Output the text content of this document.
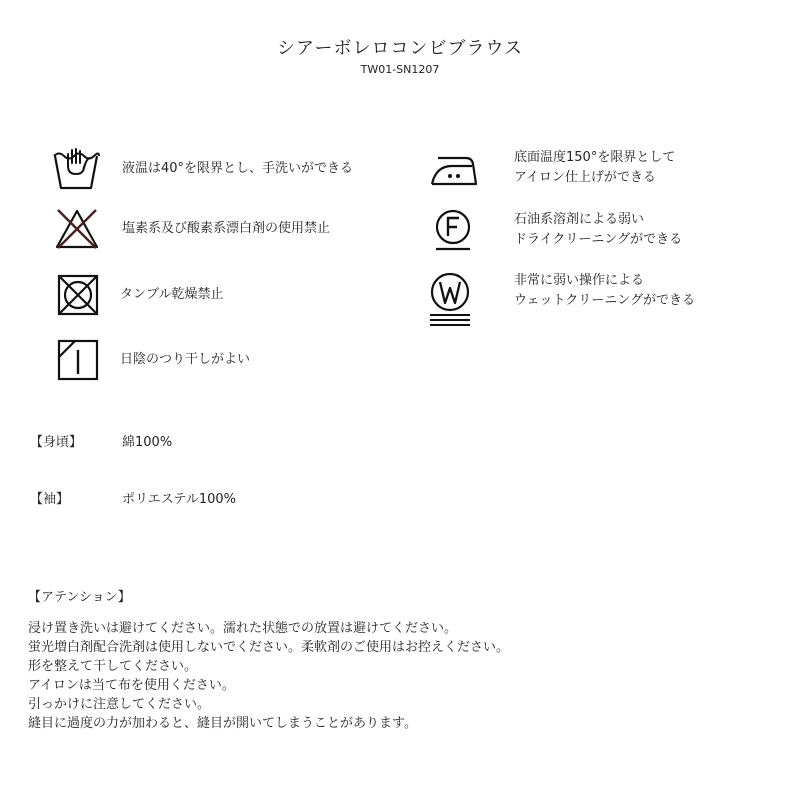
シアーボレロコンビブラウス
TW01-SN1207
液温は40°を限界とし、手洗いができる
塩素系及び酸素系漂白剤の使用禁止
タンブル乾燥禁止
日陰のつり干しがよい
底面温度150°を限界として
アイロン仕上げができる
石油系溶剤による弱い
ドライクリーニングができる
非常に弱い操作による
ウェットクリーニングができる
【身頃】	綿100%
【袖】	ポリエステル100%
【アテンション】
浸け置き洗いは避けてください。濡れた状態での放置は避けてください。
蛍光増白剤配合洗剤は使用しないでください。柔軟剤のご使用はお控えください。
形を整えて干してください。
アイロンは当て布を使用ください。
引っかけに注意してください。
縫目に過度の力が加わると、縫目が開いてしまうことがあります。
